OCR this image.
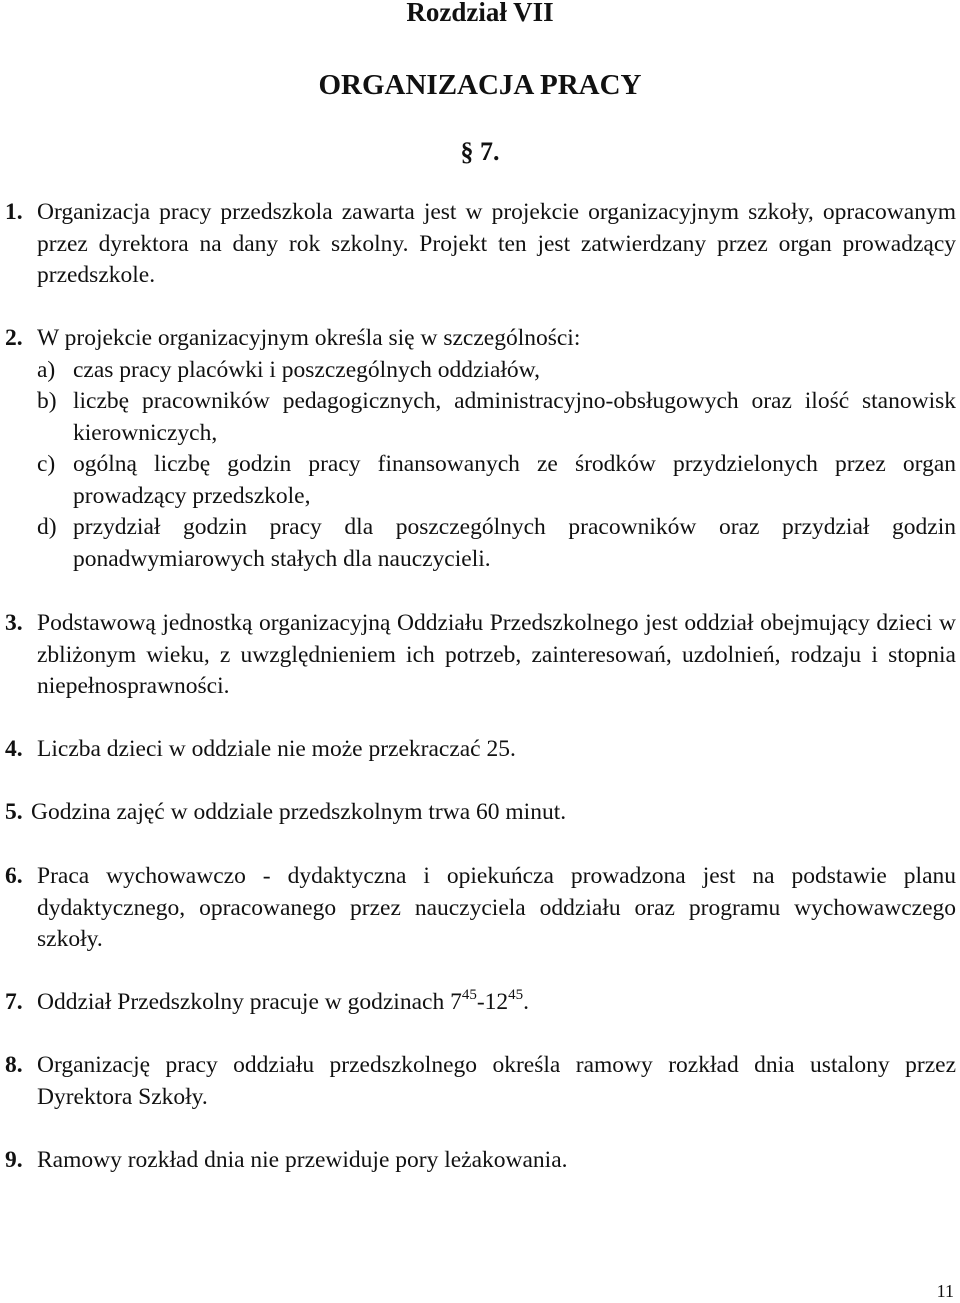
Rozdział VII
ORGANIZACJA PRACY
§ 7.
1. Organizacja pracy przedszkola zawarta jest w projekcie organizacyjnym szkoły, opracowanym przez dyrektora na dany rok szkolny. Projekt ten jest zatwierdzany przez organ prowadzący przedszkole.
2. W projekcie organizacyjnym określa się w szczególności:
a) czas pracy placówki i poszczególnych oddziałów,
b) liczbę pracowników pedagogicznych, administracyjno-obsługowych oraz ilość stanowisk kierowniczych,
c) ogólną liczbę godzin pracy finansowanych ze środków przydzielonych przez organ prowadzący przedszkole,
d) przydział godzin pracy dla poszczególnych pracowników oraz przydział godzin ponadwymiarowych stałych dla nauczycieli.
3. Podstawową jednostką organizacyjną Oddziału Przedszkolnego jest oddział obejmujący dzieci w zbliżonym wieku, z uwzględnieniem ich potrzeb, zainteresowań, uzdolnień, rodzaju i stopnia niepełnosprawności.
4. Liczba dzieci w oddziale nie może przekraczać 25.
5. Godzina zajęć w oddziale przedszkolnym trwa 60 minut.
6. Praca wychowawczo - dydaktyczna i opiekuńcza prowadzona jest na podstawie planu dydaktycznego, opracowanego przez nauczyciela oddziału oraz programu wychowawczego szkoły.
7. Oddział Przedszkolny pracuje w godzinach $7^{45}-12^{45}$.
8. Organizację pracy oddziału przedszkolnego określa ramowy rozkład dnia ustalony przez Dyrektora Szkoły.
9. Ramowy rozkład dnia nie przewiduje pory leżakowania.
11
